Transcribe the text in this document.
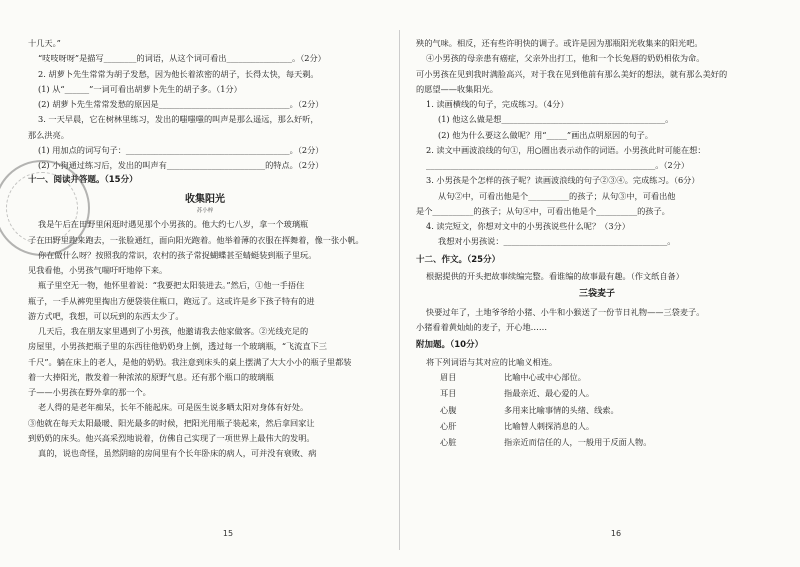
十几天。”
“吱吱呀呀”是描写________的词语，从这个词可看出________________。（2分）
2. 胡萝卜先生常常为胡子发愁，因为他长着浓密的胡子，长得太快，每天剃。
(1) 从“______”一词可看出胡萝卜先生的胡子多。（1分）
(2) 胡萝卜先生常常发愁的原因是________________________________。（2分）
3. 一天早晨，它在树林里练习，发出的嗤嗤嗤的叫声是那么遥远，那么好听，
那么洪亮。
(1) 用加点的词写句子：________________________________________。（2分）
(2) 小狗通过练习后，发出的叫声有________________________的特点。（2分）
十一、阅读并答题。（15分）
收集阳光
苏小梓
我是午后在田野里闲逛时遇见那个小男孩的。他大约七八岁，拿一个玻璃瓶
子在田野里跑来跑去，一张脸通红，面向阳光跑着。他举着薄的衣服在挥舞着，像一张小帆。
你在做什么呀？按照我的常识，农村的孩子常捉蝴蝶甚至蜻蜓装到瓶子里玩。
见我看他，小男孩气喘吁吁地停下来。
瓶子里空无一物，他怀里着说：“我要把太阳装进去。”然后，①他一手捂住
瓶子，一手从裤兜里掏出方便袋装住瓶口，跑远了。这或许是乡下孩子特有的进
游方式吧，我想，可以玩到的东西太少了。
几天后，我在朋友家里遇到了小男孩，他邀请我去他家做客。②光线充足的
房屋里，小男孩把瓶子里的东西往他奶奶身上倒，透过每一个玻璃瓶，“飞流直下三
千尺”。躺在床上的老人，是他的奶奶。我注意到床头的桌上摆满了大大小小的瓶子里都装
着一大捧阳光，散发着一种浓浓的原野气息。还有那个瓶口的玻璃瓶
子——小男孩在野外拿的那一个。
老人得的是老年痴呆，长年不能起床。可是医生说多晒太阳对身体有好处。
③他就在每天太阳最暖、阳光最多的时候，把阳光用瓶子装起来，然后拿回家让
到奶奶的床头。他兴高采烈地说着，仿佛自己实现了一项世界上最伟大的发明。
真的，说也奇怪，虽然阴暗的房间里有个长年卧床的病人，可并没有衰败、病
15
殃的气味。相反，还有些许明快的调子。或许是因为那瓶阳光收集来的阳光吧。
④小男孩的母亲患有癌症，父亲外出打工，他和一个长兔唇的奶奶相依为命。
可小男孩在见到我时满脸高兴，对于我在见到他前有那么美好的想法，就有那么美好的
的愿望——收集阳光。
1. 读画横线的句子，完成练习。（4分）
(1) 他这么做是想________________________________________。
(2) 他为什么要这么做呢？用“_____”画出点明原因的句子。
2. 读文中画波浪线的句①，用○圈出表示动作的词语。小男孩此时可能在想：
________________________________________________________。（2分）
3. 小男孩是个怎样的孩子呢？读画波浪线的句子②③④。完成练习。（6分）
从句②中，可看出他是个__________的孩子；从句③中，可看出他
是个__________的孩子；从句④中，可看出他是个__________的孩子。
4. 读完短文，你想对文中的小男孩说些什么呢？（3分）
我想对小男孩说：________________________________________。
十二、作文。（25分）
根据提供的开头把故事续编完整。看谁编的故事最有趣。（作文纸自备）
三袋麦子
快要过年了，土地爷爷给小猪、小牛和小猴送了一份节日礼物——三袋麦子。
小猪看着黄灿灿的麦子，开心地……
附加题。（10分）
将下列词语与其对应的比喻义相连。
眉目	比喻中心或中心部位。
耳目	指最亲近、最心爱的人。
心腹	多用来比喻事情的头绪、线索。
心肝	比喻替人刺探消息的人。
心脏	指亲近而信任的人，一般用于反面人物。
16
